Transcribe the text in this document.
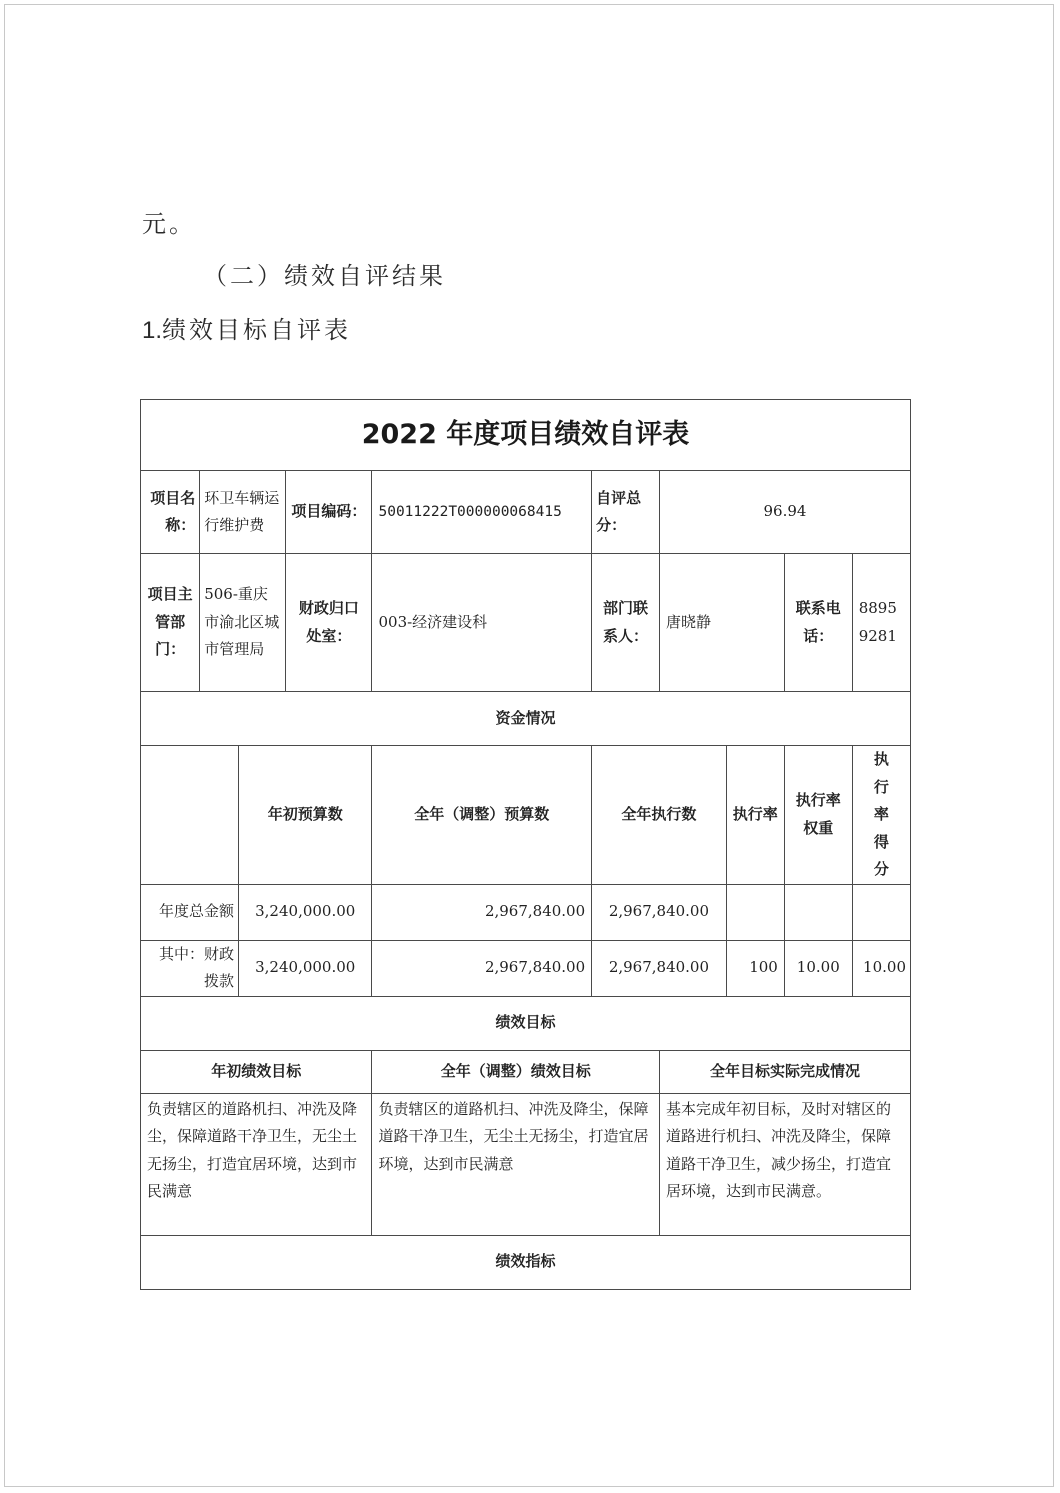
元。
（二）绩效自评结果
1.绩效目标自评表
2022 年度项目绩效自评表									
项目名称：	环卫车辆运行维护费		项目编码：	50011222T000000068415	自评总分：	96.94			
项目主管部门：	506-重庆市渝北区城市管理局		财政归口处室：	003-经济建设科	部门联系人：	唐晓静		联系电话：	88959281
资金情况									
		年初预算数		全年（调整）预算数	全年执行数		执行率	执行率权重	执行率得分
年度总金额		3,240,000.00		2,967,840.00	2,967,840.00				
其中：财政拨款		3,240,000.00		2,967,840.00	2,967,840.00		100	10.00	10.00
绩效目标									
年初绩效目标				全年（调整）绩效目标		全年目标实际完成情况			
负责辖区的道路机扫、冲洗及降尘，保障道路干净卫生，无尘土无扬尘，打造宜居环境，达到市民满意				负责辖区的道路机扫、冲洗及降尘，保障道路干净卫生，无尘土无扬尘，打造宜居环境，达到市民满意		基本完成年初目标，及时对辖区的道路进行机扫、冲洗及降尘，保障道路干净卫生，减少扬尘，打造宜居环境，达到市民满意。			
绩效指标									
